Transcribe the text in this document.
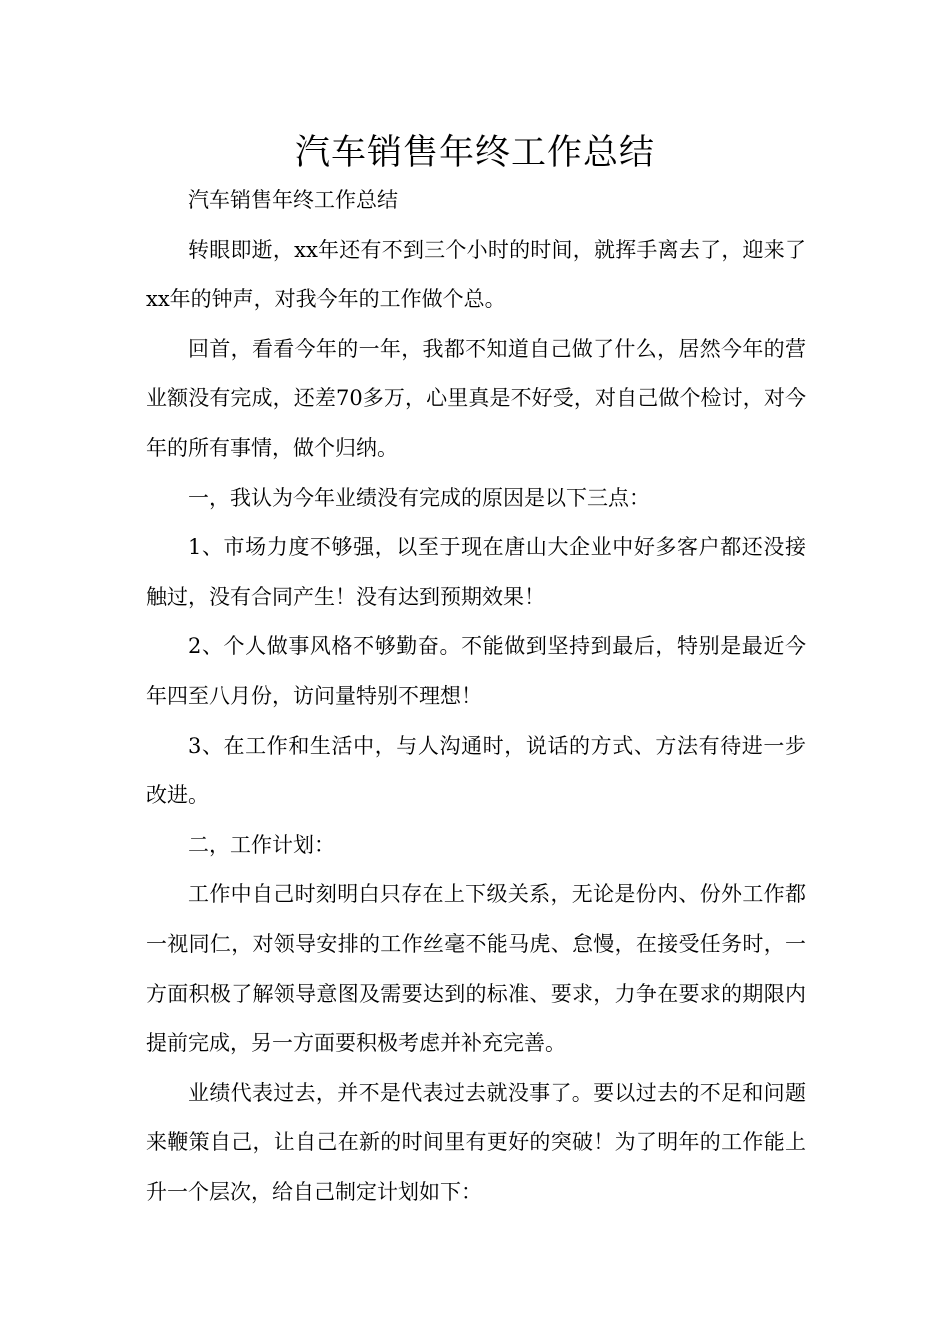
汽车销售年终工作总结

汽车销售年终工作总结

转眼即逝，xx年还有不到三个小时的时间，就挥手离去了，迎来了xx年的钟声，对我今年的工作做个总。

回首，看看今年的一年，我都不知道自己做了什么，居然今年的营业额没有完成，还差70多万，心里真是不好受，对自己做个检讨，对今年的所有事情，做个归纳。

一，我认为今年业绩没有完成的原因是以下三点：

1、市场力度不够强，以至于现在唐山大企业中好多客户都还没接触过，没有合同产生！没有达到预期效果！

2、个人做事风格不够勤奋。不能做到坚持到最后，特别是最近今年四至八月份，访问量特别不理想！

3、在工作和生活中，与人沟通时，说话的方式、方法有待进一步改进。

二，工作计划：

工作中自己时刻明白只存在上下级关系，无论是份内、份外工作都一视同仁，对领导安排的工作丝毫不能马虎、怠慢，在接受任务时，一方面积极了解领导意图及需要达到的标准、要求，力争在要求的期限内提前完成，另一方面要积极考虑并补充完善。

业绩代表过去，并不是代表过去就没事了。要以过去的不足和问题来鞭策自己，让自己在新的时间里有更好的突破！为了明年的工作能上升一个层次，给自己制定计划如下：
